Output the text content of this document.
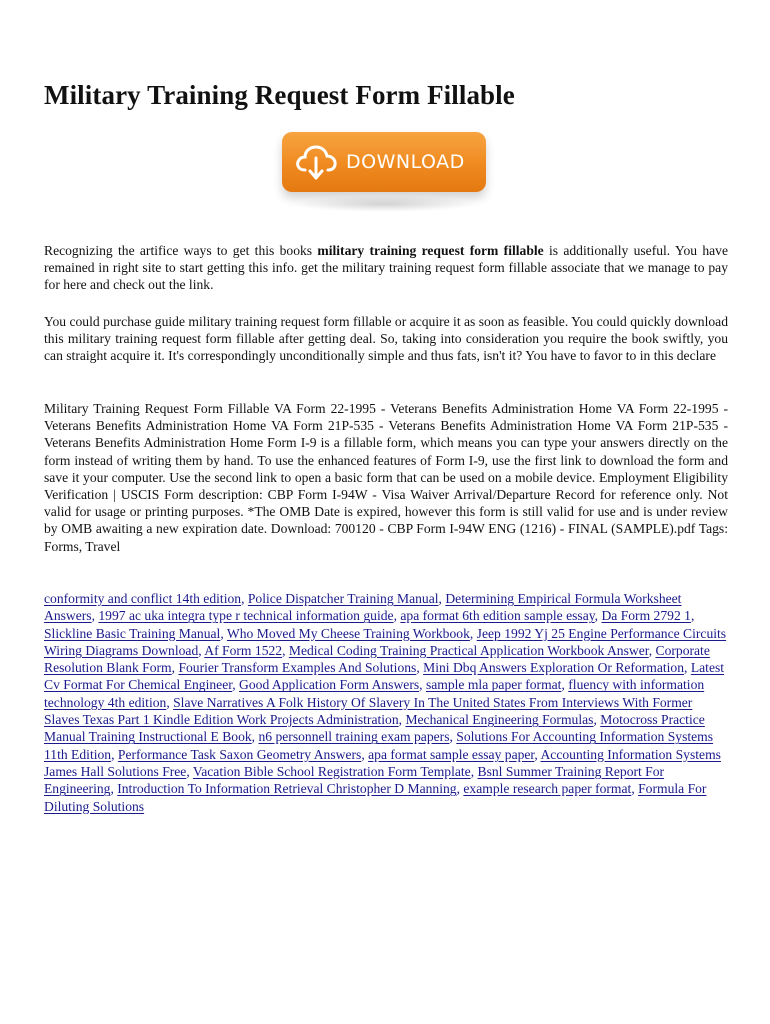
Military Training Request Form Fillable
DOWNLOAD

Recognizing the artifice ways to get this books military training request form fillable is additionally useful. You have remained in right site to start getting this info. get the military training request form fillable associate that we manage to pay for here and check out the link.

You could purchase guide military training request form fillable or acquire it as soon as feasible. You could quickly download this military training request form fillable after getting deal. So, taking into consideration you require the book swiftly, you can straight acquire it. It's correspondingly unconditionally simple and thus fats, isn't it? You have to favor to in this declare

Military Training Request Form Fillable VA Form 22-1995 - Veterans Benefits Administration Home VA Form 22-1995 - Veterans Benefits Administration Home VA Form 21P-535 - Veterans Benefits Administration Home VA Form 21P-535 - Veterans Benefits Administration Home Form I-9 is a fillable form, which means you can type your answers directly on the form instead of writing them by hand. To use the enhanced features of Form I-9, use the first link to download the form and save it your computer. Use the second link to open a basic form that can be used on a mobile device. Employment Eligibility Verification | USCIS Form description: CBP Form I-94W - Visa Waiver Arrival/Departure Record for reference only. Not valid for usage or printing purposes. *The OMB Date is expired, however this form is still valid for use and is under review by OMB awaiting a new expiration date. Download: 700120 - CBP Form I-94W ENG (1216) - FINAL (SAMPLE).pdf Tags: Forms, Travel

conformity and conflict 14th edition, Police Dispatcher Training Manual, Determining Empirical Formula Worksheet Answers, 1997 ac uka integra type r technical information guide, apa format 6th edition sample essay, Da Form 2792 1, Slickline Basic Training Manual, Who Moved My Cheese Training Workbook, Jeep 1992 Yj 25 Engine Performance Circuits Wiring Diagrams Download, Af Form 1522, Medical Coding Training Practical Application Workbook Answer, Corporate Resolution Blank Form, Fourier Transform Examples And Solutions, Mini Dbq Answers Exploration Or Reformation, Latest Cv Format For Chemical Engineer, Good Application Form Answers, sample mla paper format, fluency with information technology 4th edition, Slave Narratives A Folk History Of Slavery In The United States From Interviews With Former Slaves Texas Part 1 Kindle Edition Work Projects Administration, Mechanical Engineering Formulas, Motocross Practice Manual Training Instructional E Book, n6 personnell training exam papers, Solutions For Accounting Information Systems 11th Edition, Performance Task Saxon Geometry Answers, apa format sample essay paper, Accounting Information Systems James Hall Solutions Free, Vacation Bible School Registration Form Template, Bsnl Summer Training Report For Engineering, Introduction To Information Retrieval Christopher D Manning, example research paper format, Formula For Diluting Solutions
